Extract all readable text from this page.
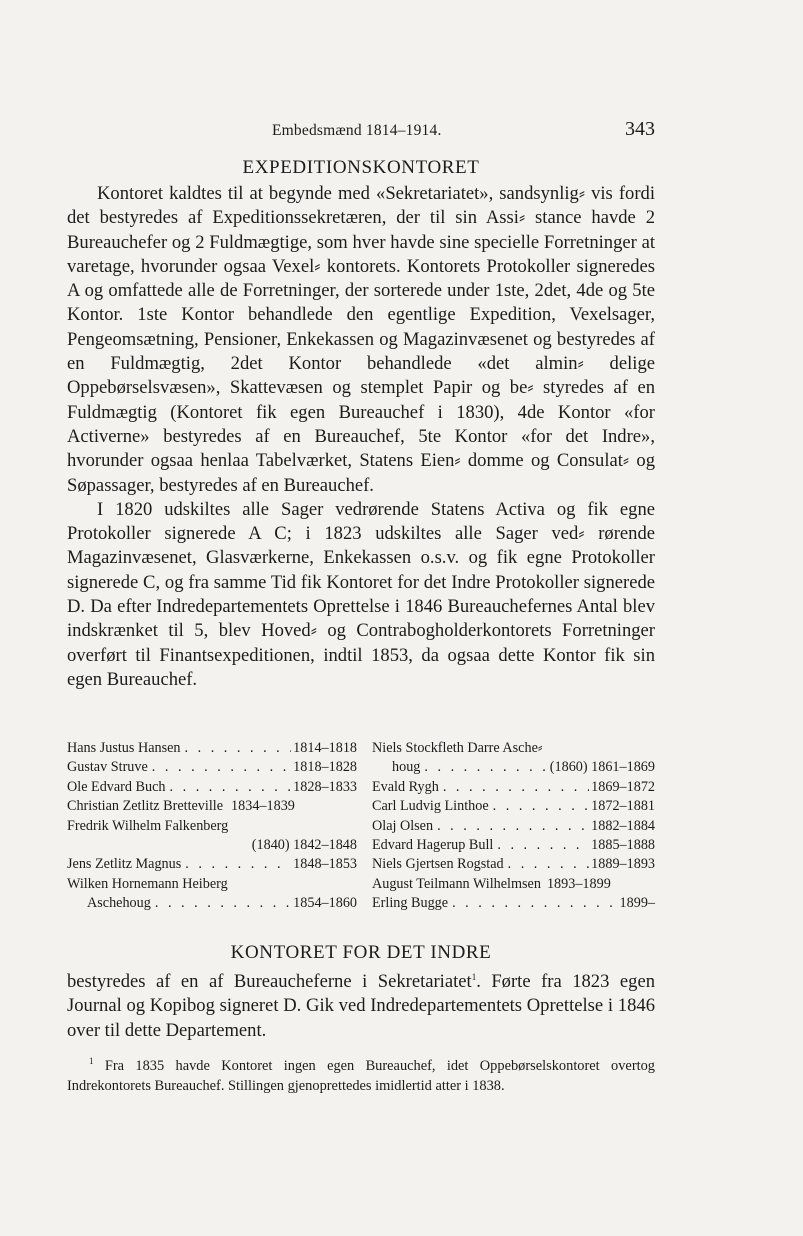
Embedsmænd 1814–1914.	343
EXPEDITIONSKONTORET

Kontoret kaldtes til at begynde med «Sekretariatet», sandsynlig⸗ vis fordi det bestyredes af Expeditionssekretæren, der til sin Assi⸗ stance havde 2 Bureauchefer og 2 Fuldmægtige, som hver havde sine specielle Forretninger at varetage, hvorunder ogsaa Vexel⸗ kontorets. Kontorets Protokoller signeredes A og omfattede alle de Forretninger, der sorterede under 1ste, 2det, 4de og 5te Kontor. 1ste Kontor behandlede den egentlige Expedition, Vexelsager, Pengeomsætning, Pensioner, Enkekassen og Magazinvæsenet og bestyredes af en Fuldmægtig, 2det Kontor behandlede «det almin⸗ delige Oppebørselsvæsen», Skattevæsen og stemplet Papir og be⸗ styredes af en Fuldmægtig (Kontoret fik egen Bureauchef i 1830), 4de Kontor «for Activerne» bestyredes af en Bureauchef, 5te Kontor «for det Indre», hvorunder ogsaa henlaa Tabelværket, Statens Eien⸗ domme og Consulat⸗ og Søpassager, bestyredes af en Bureauchef.

I 1820 udskiltes alle Sager vedrørende Statens Activa og fik egne Protokoller signerede A C; i 1823 udskiltes alle Sager ved⸗ rørende Magazinvæsenet, Glasværkerne, Enkekassen o.s.v. og fik egne Protokoller signerede C, og fra samme Tid fik Kontoret for det Indre Protokoller signerede D. Da efter Indredepartementets Oprettelse i 1846 Bureauchefernes Antal blev indskrænket til 5, blev Hoved⸗ og Contrabogholderkontorets Forretninger overført til Finantsexpeditionen, indtil 1853, da ogsaa dette Kontor fik sin egen Bureauchef.

Hans Justus Hansen . . .	1814–1818
Gustav Struve . . .	1818–1828
Ole Edvard Buch . . .	1828–1833
Christian Zetlitz Bretteville 1834–1839
Fredrik Wilhelm Falkenberg
(1840) 1842–1848
Jens Zetlitz Magnus . . .	1848–1853
Wilken Hornemann Heiberg
Aschehoug . . .	1854–1860
Niels Stockfleth Darre Asche⸗
houg . . .	(1860) 1861–1869
Evald Rygh . . .	1869–1872
Carl Ludvig Linthoe . . .	1872–1881
Olaj Olsen . . .	1882–1884
Edvard Hagerup Bull . . .	1885–1888
Niels Gjertsen Rogstad . . .	1889–1893
August Teilmann Wilhelmsen 1893–1899
Erling Bugge . . .	1899–
KONTORET FOR DET INDRE

bestyredes af en af Bureaucheferne i Sekretariatet$^1$. Førte fra 1823 egen Journal og Kopibog signeret D. Gik ved Indredepartementets Oprettelse i 1846 over til dette Departement.

$^1$ Fra 1835 havde Kontoret ingen egen Bureauchef, idet Oppebørselskontoret overtog Indrekontorets Bureauchef. Stillingen gjenoprettedes imidlertid atter i 1838.
